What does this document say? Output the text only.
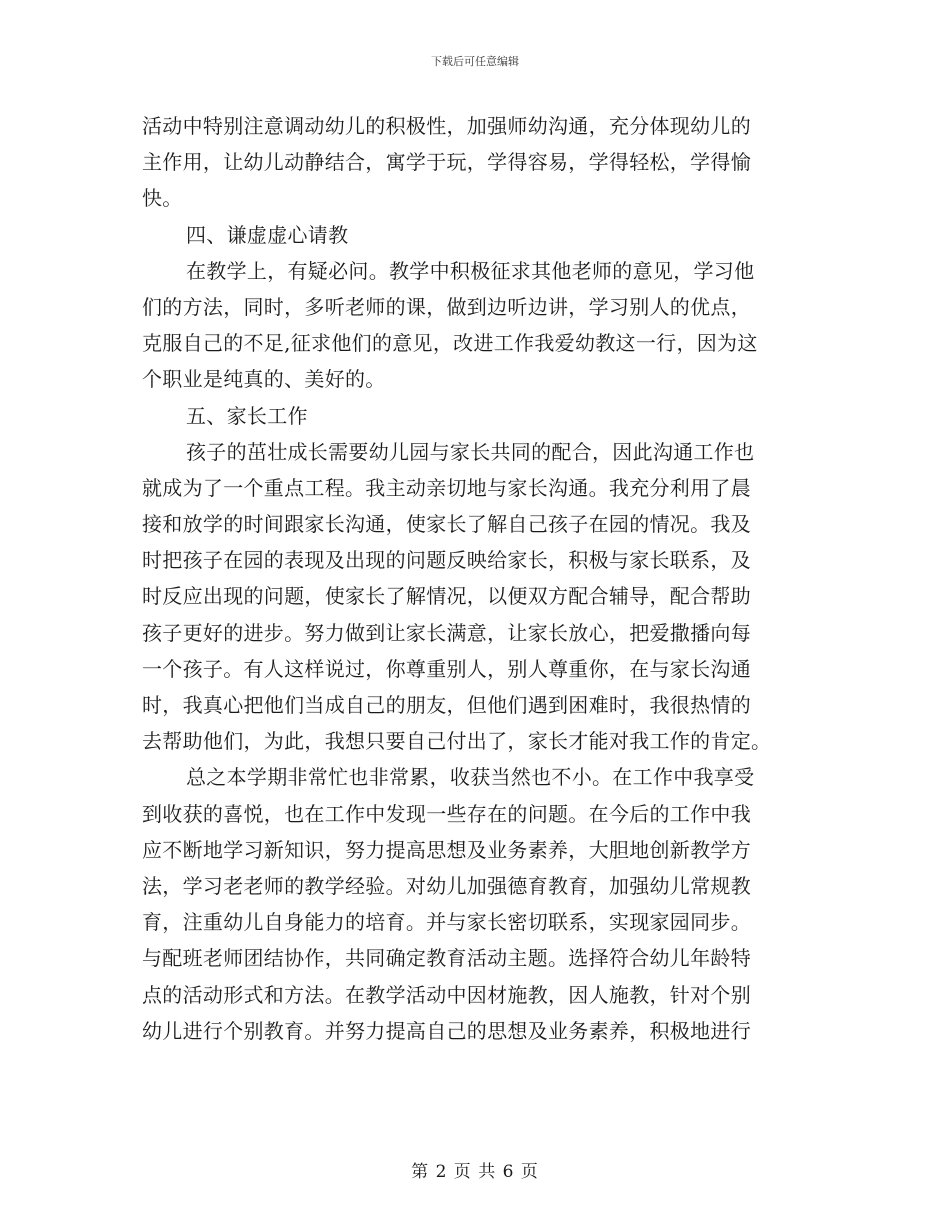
下载后可任意编辑
活动中特别注意调动幼儿的积极性，加强师幼沟通，充分体现幼儿的
主作用，让幼儿动静结合，寓学于玩，学得容易，学得轻松，学得愉
快。
四、谦虚虚心请教
在教学上，有疑必问。教学中积极征求其他老师的意见，学习他
们的方法，同时，多听老师的课，做到边听边讲，学习别人的优点，
克服自己的不足,征求他们的意见，改进工作我爱幼教这一行，因为这
个职业是纯真的、美好的。
五、家长工作
孩子的茁壮成长需要幼儿园与家长共同的配合，因此沟通工作也
就成为了一个重点工程。我主动亲切地与家长沟通。我充分利用了晨
接和放学的时间跟家长沟通，使家长了解自己孩子在园的情况。我及
时把孩子在园的表现及出现的问题反映给家长，积极与家长联系，及
时反应出现的问题，使家长了解情况，以便双方配合辅导，配合帮助
孩子更好的进步。努力做到让家长满意，让家长放心，把爱撒播向每
一个孩子。有人这样说过，你尊重别人，别人尊重你，在与家长沟通
时，我真心把他们当成自己的朋友，但他们遇到困难时，我很热情的
去帮助他们，为此，我想只要自己付出了，家长才能对我工作的肯定。
总之本学期非常忙也非常累，收获当然也不小。在工作中我享受
到收获的喜悦，也在工作中发现一些存在的问题。在今后的工作中我
应不断地学习新知识，努力提高思想及业务素养，大胆地创新教学方
法，学习老老师的教学经验。对幼儿加强德育教育，加强幼儿常规教
育，注重幼儿自身能力的培育。并与家长密切联系，实现家园同步。
与配班老师团结协作，共同确定教育活动主题。选择符合幼儿年龄特
点的活动形式和方法。在教学活动中因材施教，因人施教，针对个别
幼儿进行个别教育。并努力提高自己的思想及业务素养，积极地进行
第 2 页 共 6 页
